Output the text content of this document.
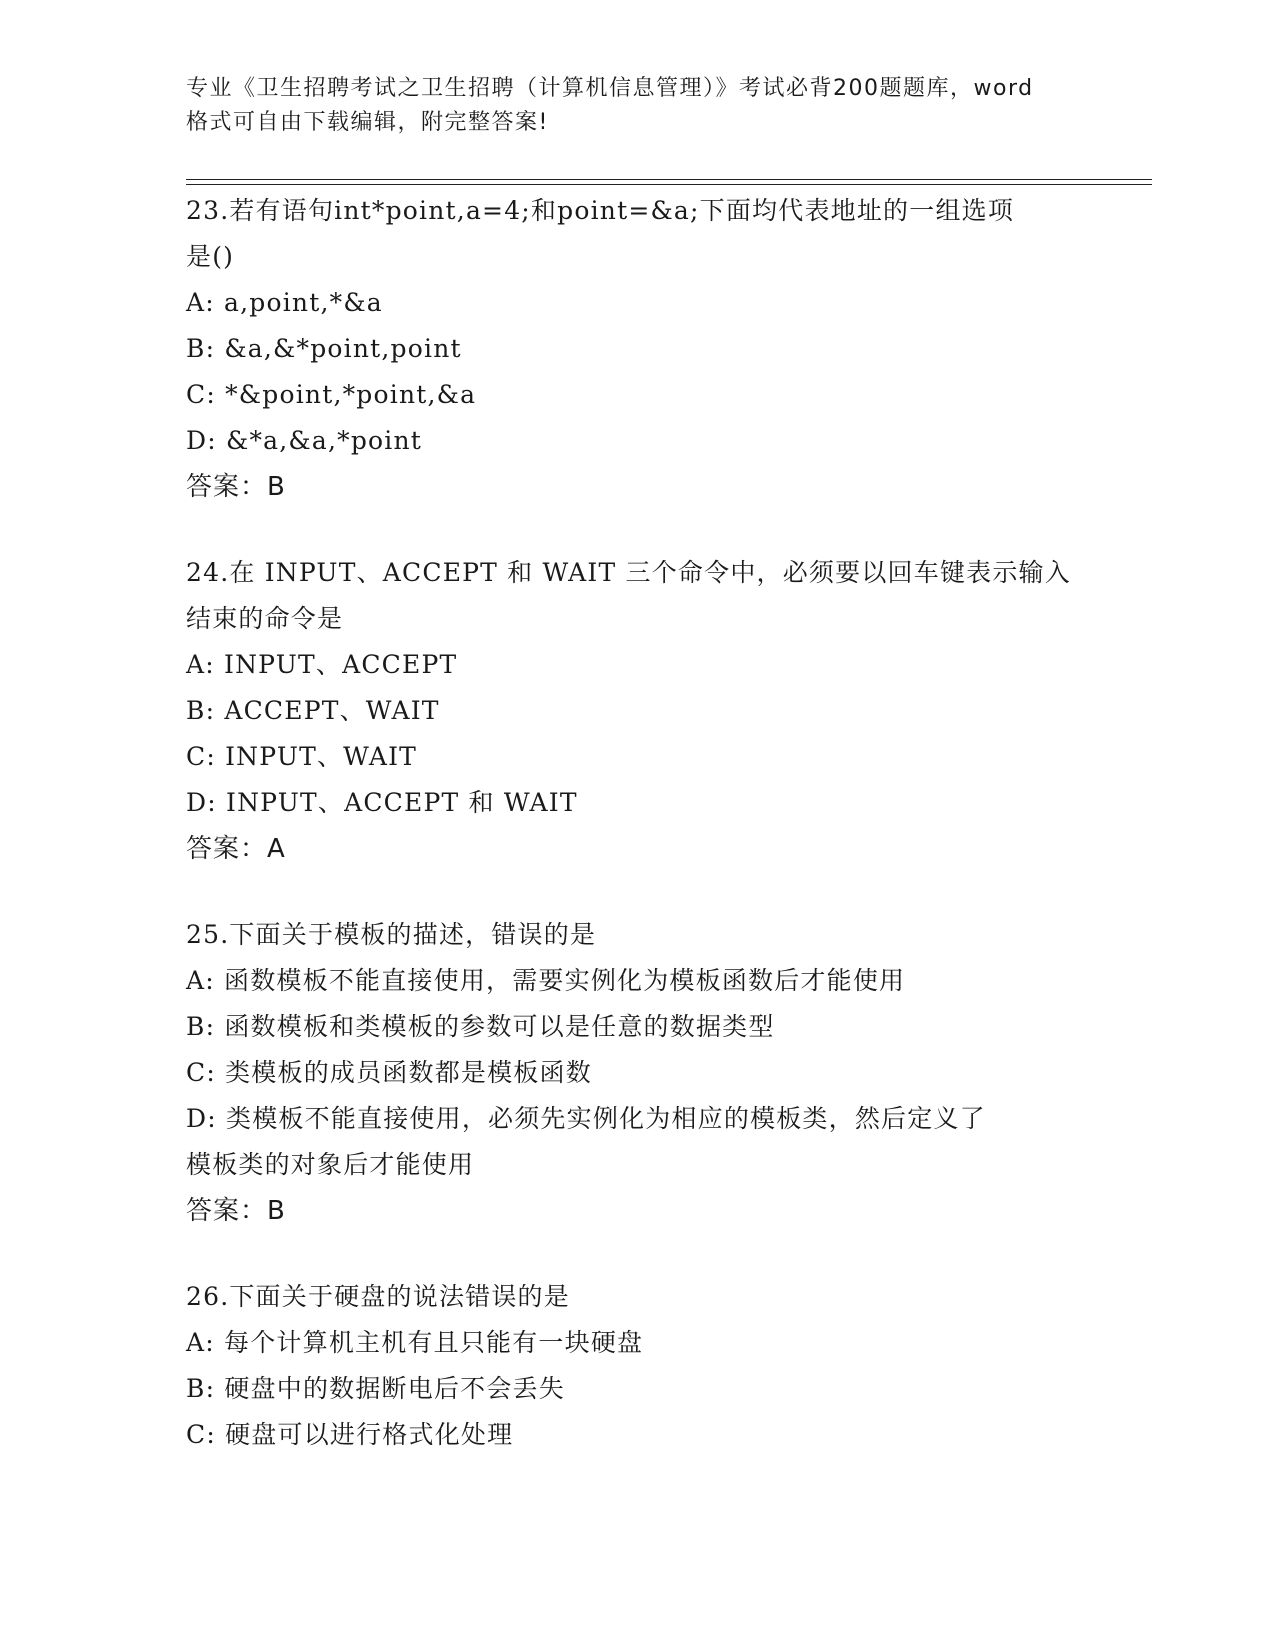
专业《卫生招聘考试之卫生招聘（计算机信息管理）》考试必背200题题库，word
格式可自由下载编辑，附完整答案!
23.若有语句int*point,a=4;和point=&a;下面均代表地址的一组选项
是()
A: a,point,*&a
B: &a,&*point,point
C: *&point,*point,&a
D: &*a,&a,*point
答案：B
24.在 INPUT、ACCEPT 和 WAIT 三个命令中，必须要以回车键表示输入
结束的命令是
A: INPUT、ACCEPT
B: ACCEPT、WAIT
C: INPUT、WAIT
D: INPUT、ACCEPT 和 WAIT
答案：A
25.下面关于模板的描述，错误的是
A: 函数模板不能直接使用，需要实例化为模板函数后才能使用
B: 函数模板和类模板的参数可以是任意的数据类型
C: 类模板的成员函数都是模板函数
D: 类模板不能直接使用，必须先实例化为相应的模板类，然后定义了
模板类的对象后才能使用
答案：B
26.下面关于硬盘的说法错误的是
A: 每个计算机主机有且只能有一块硬盘
B: 硬盘中的数据断电后不会丢失
C: 硬盘可以进行格式化处理
